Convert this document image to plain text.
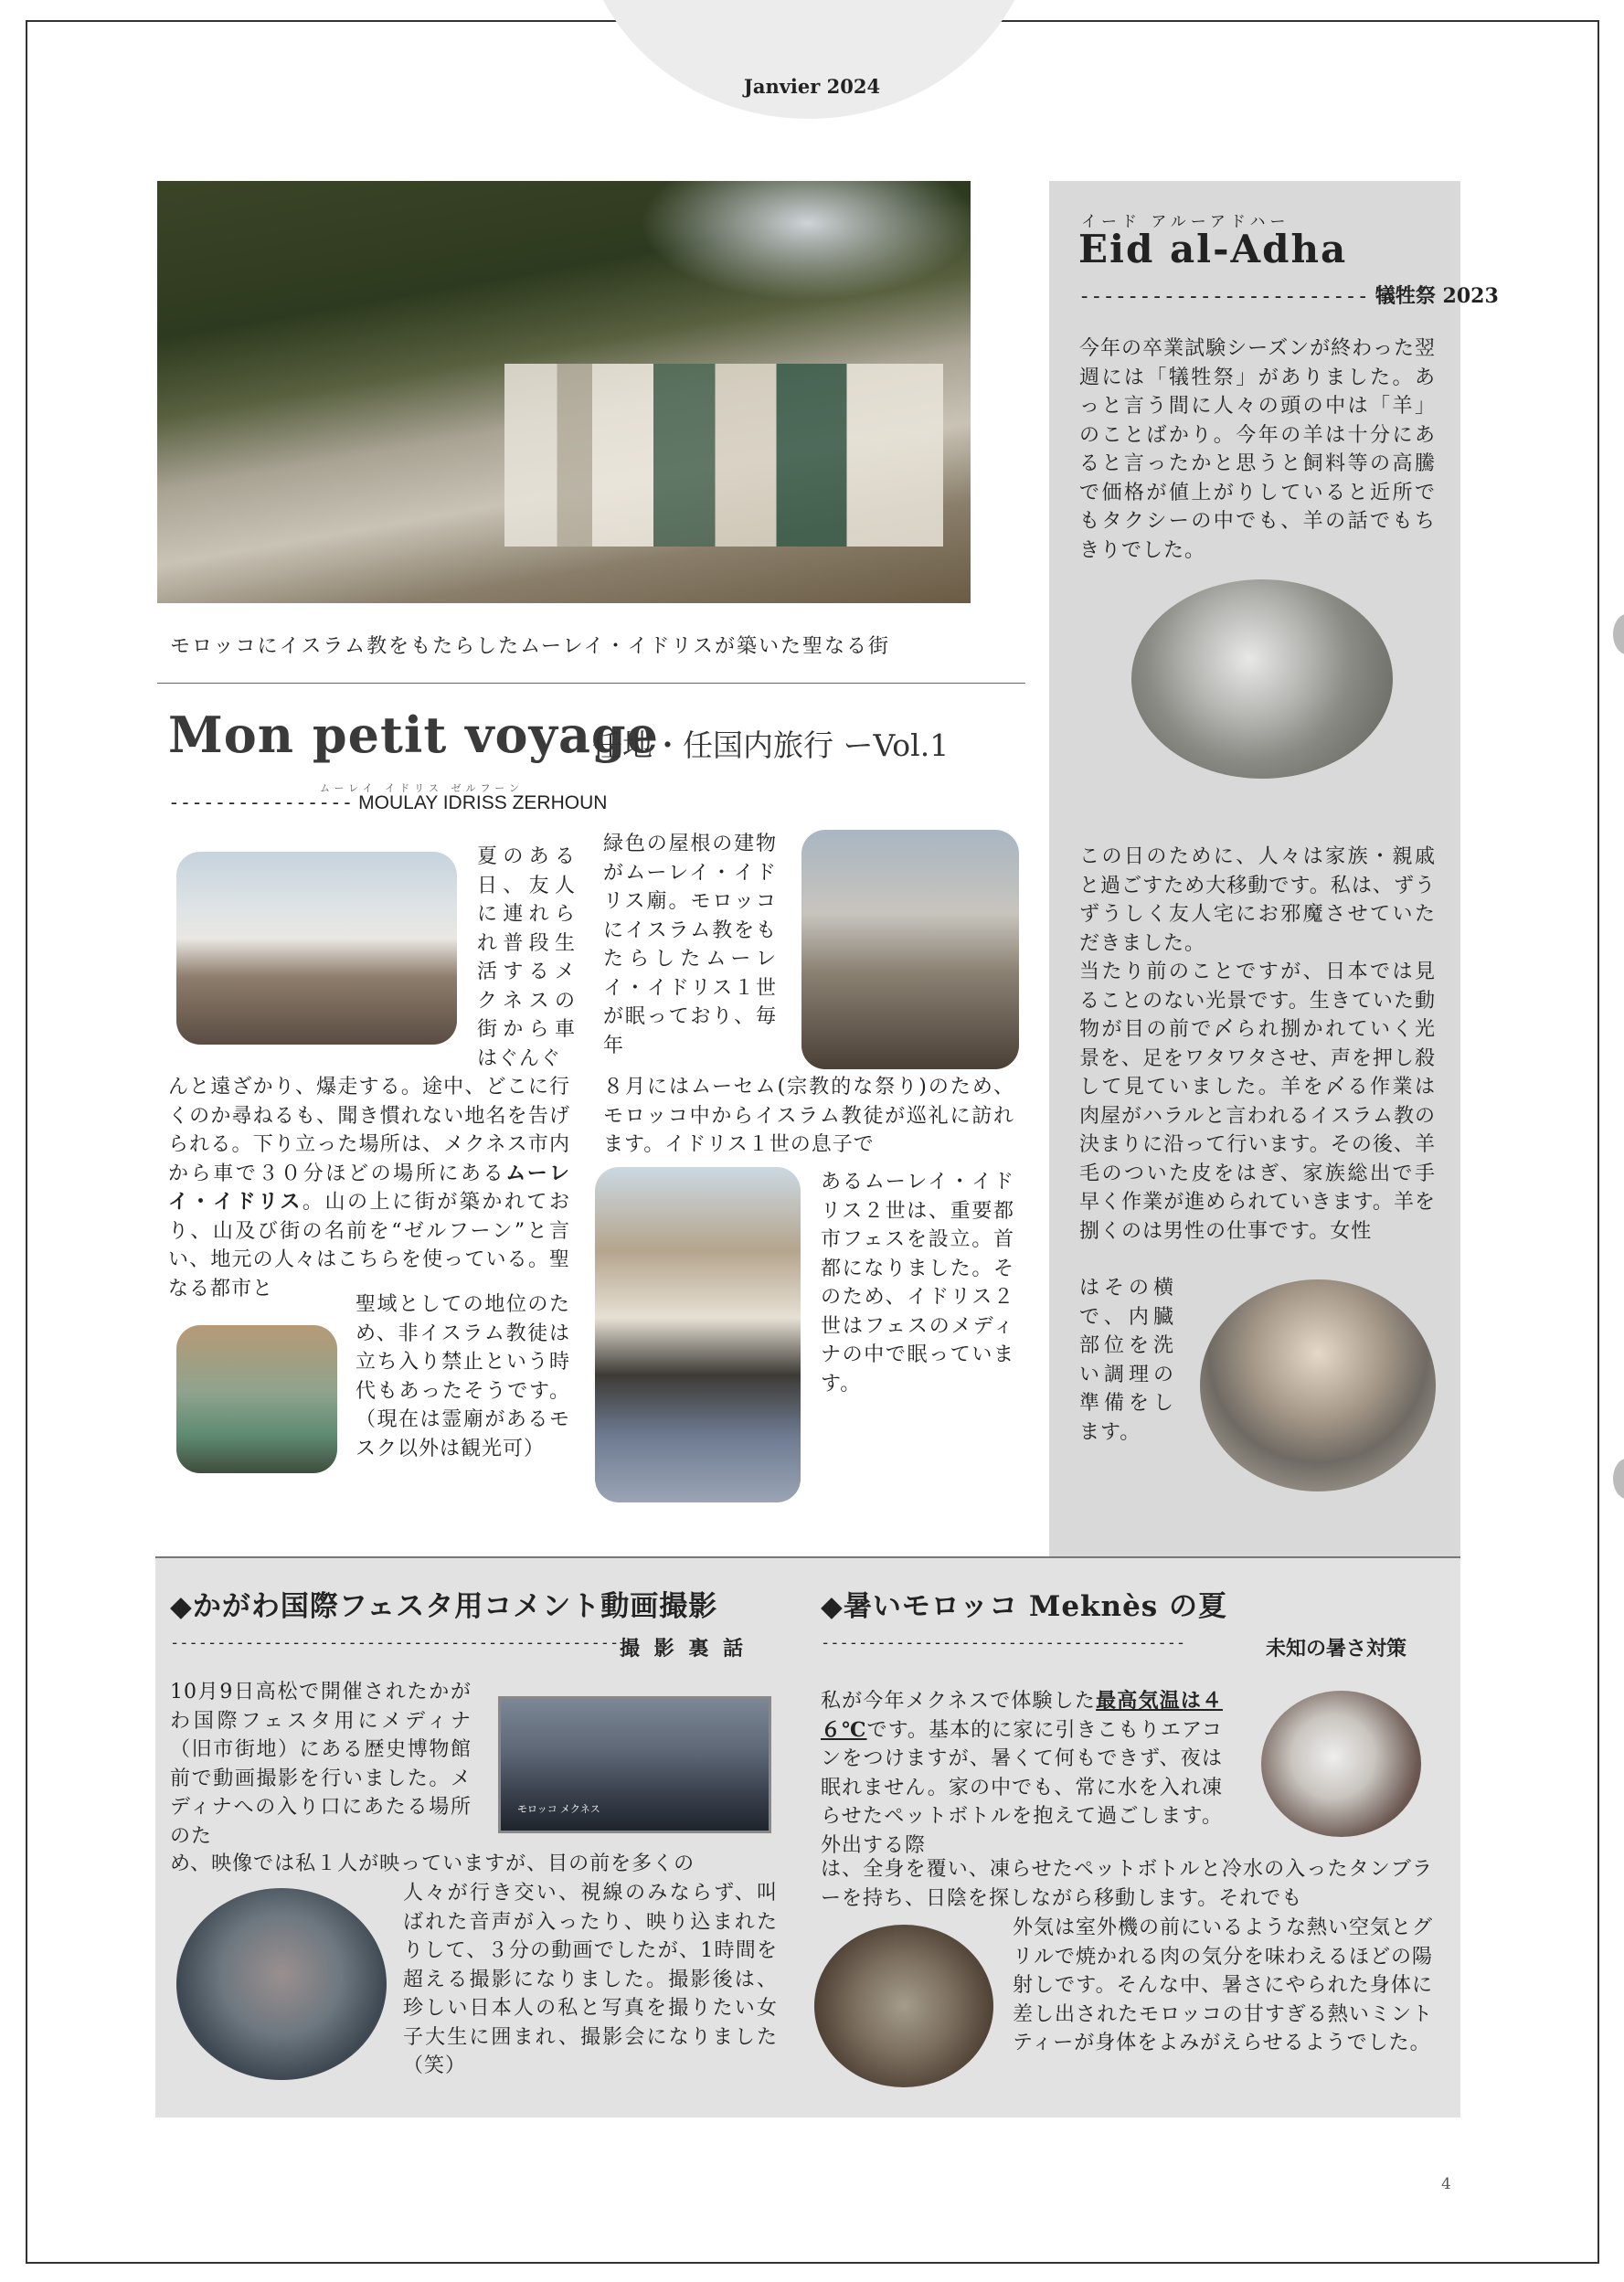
Janvier 2024
モロッコにイスラム教をもたらしたムーレイ・イドリスが築いた聖なる街
Mon petit voyage
任地・任国内旅行 ーVol.1
ムーレイ イドリス ゼルフーン
---------------- MOULAY IDRISS ZERHOUN
夏のある日、友人に連れられ普段生活するメクネスの街から車はぐんぐ
んと遠ざかり、爆走する。途中、どこに行くのか尋ねるも、聞き慣れない地名を告げられる。下り立った場所は、メクネス市内から車で３０分ほどの場所にあるムーレイ・イドリス。山の上に街が築かれており、山及び街の名前を“ゼルフーン”と言い、地元の人々はこちらを使っている。聖なる都市と
聖域としての地位のため、非イスラム教徒は立ち入り禁止という時代もあったそうです。（現在は霊廟があるモスク以外は観光可）
緑色の屋根の建物がムーレイ・イドリス廟。モロッコにイスラム教をもたらしたムーレイ・イドリス１世が眠っており、毎年
８月にはムーセム(宗教的な祭り)のため、モロッコ中からイスラム教徒が巡礼に訪れます。イドリス１世の息子で
あるムーレイ・イドリス２世は、重要都市フェスを設立。首都になりました。そのため、イドリス２世はフェスのメディナの中で眠っています。
イード アルーアドハー
Eid al-Adha
------------------------ 犠牲祭 2023
今年の卒業試験シーズンが終わった翌週には「犠牲祭」がありました。あっと言う間に人々の頭の中は「羊」のことばかり。今年の羊は十分にあると言ったかと思うと飼料等の高騰で価格が値上がりしていると近所でもタクシーの中でも、羊の話でもちきりでした。
この日のために、人々は家族・親戚と過ごすため大移動です。私は、ずうずうしく友人宅にお邪魔させていただきました。
当たり前のことですが、日本では見ることのない光景です。生きていた動物が目の前で〆られ捌かれていく光景を、足をワタワタさせ、声を押し殺して見ていました。羊を〆る作業は肉屋がハラルと言われるイスラム教の決まりに沿って行います。その後、羊毛のついた皮をはぎ、家族総出で手早く作業が進められていきます。羊を捌くのは男性の仕事です。女性
はその横で、内臓部位を洗い調理の準備をします。
◆かがわ国際フェスタ用コメント動画撮影
------------------------------------------------ 撮 影 裏 話
10月9日高松で開催されたかがわ国際フェスタ用にメディナ（旧市街地）にある歴史博物館前で動画撮影を行いました。メディナへの入り口にあたる場所のた
モロッコ メクネス
め、映像では私１人が映っていますが、目の前を多くの
人々が行き交い、視線のみならず、叫ばれた音声が入ったり、映り込まれたりして、３分の動画でしたが、1時間を超える撮影になりました。撮影後は、珍しい日本人の私と写真を撮りたい女子大生に囲まれ、撮影会になりました（笑）
◆暑いモロッコ Meknès の夏
---------------------------------------	未知の暑さ対策
私が今年メクネスで体験した最高気温は４６℃です。基本的に家に引きこもりエアコンをつけますが、暑くて何もできず、夜は眠れません。家の中でも、常に水を入れ凍らせたペットボトルを抱えて過ごします。外出する際
は、全身を覆い、凍らせたペットボトルと冷水の入ったタンブラーを持ち、日陰を探しながら移動します。それでも
外気は室外機の前にいるような熱い空気とグリルで焼かれる肉の気分を味わえるほどの陽射しです。そんな中、暑さにやられた身体に差し出されたモロッコの甘すぎる熱いミントティーが身体をよみがえらせるようでした。
4
